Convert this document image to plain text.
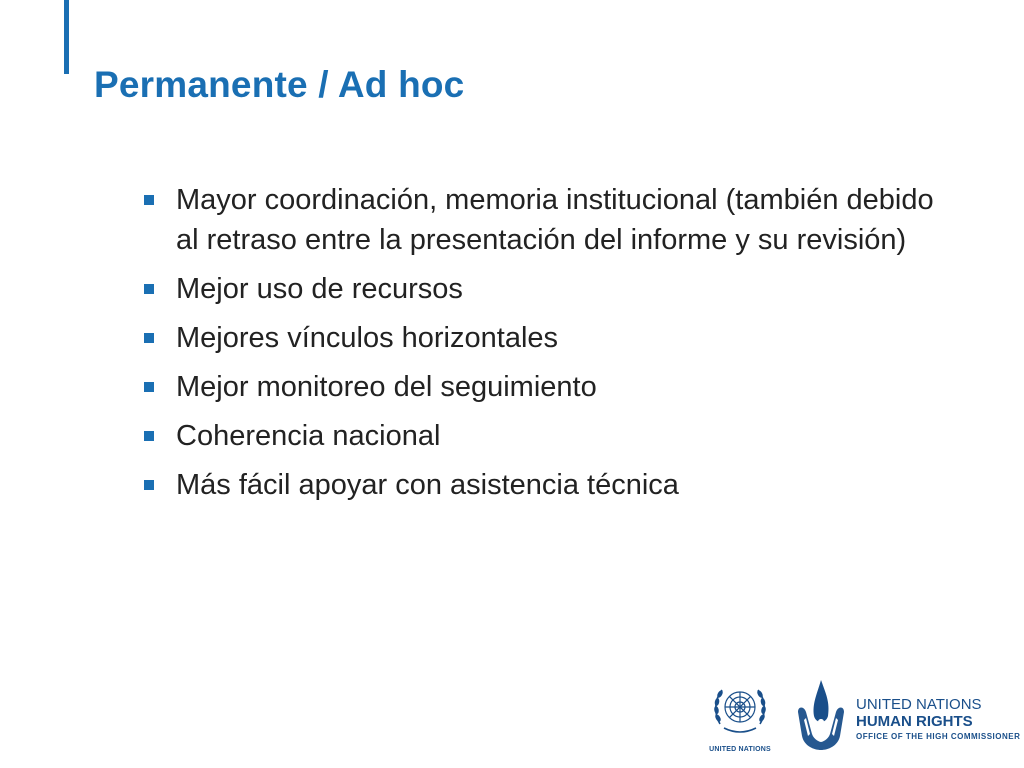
Permanente / Ad hoc
Mayor coordinación, memoria institucional (también debido al retraso entre la presentación del informe y su revisión)
Mejor uso de recursos
Mejores vínculos horizontales
Mejor monitoreo del seguimiento
Coherencia nacional
Más fácil apoyar con asistencia técnica
UNITED NATIONS
UNITED NATIONS
HUMAN RIGHTS
OFFICE OF THE HIGH COMMISSIONER
